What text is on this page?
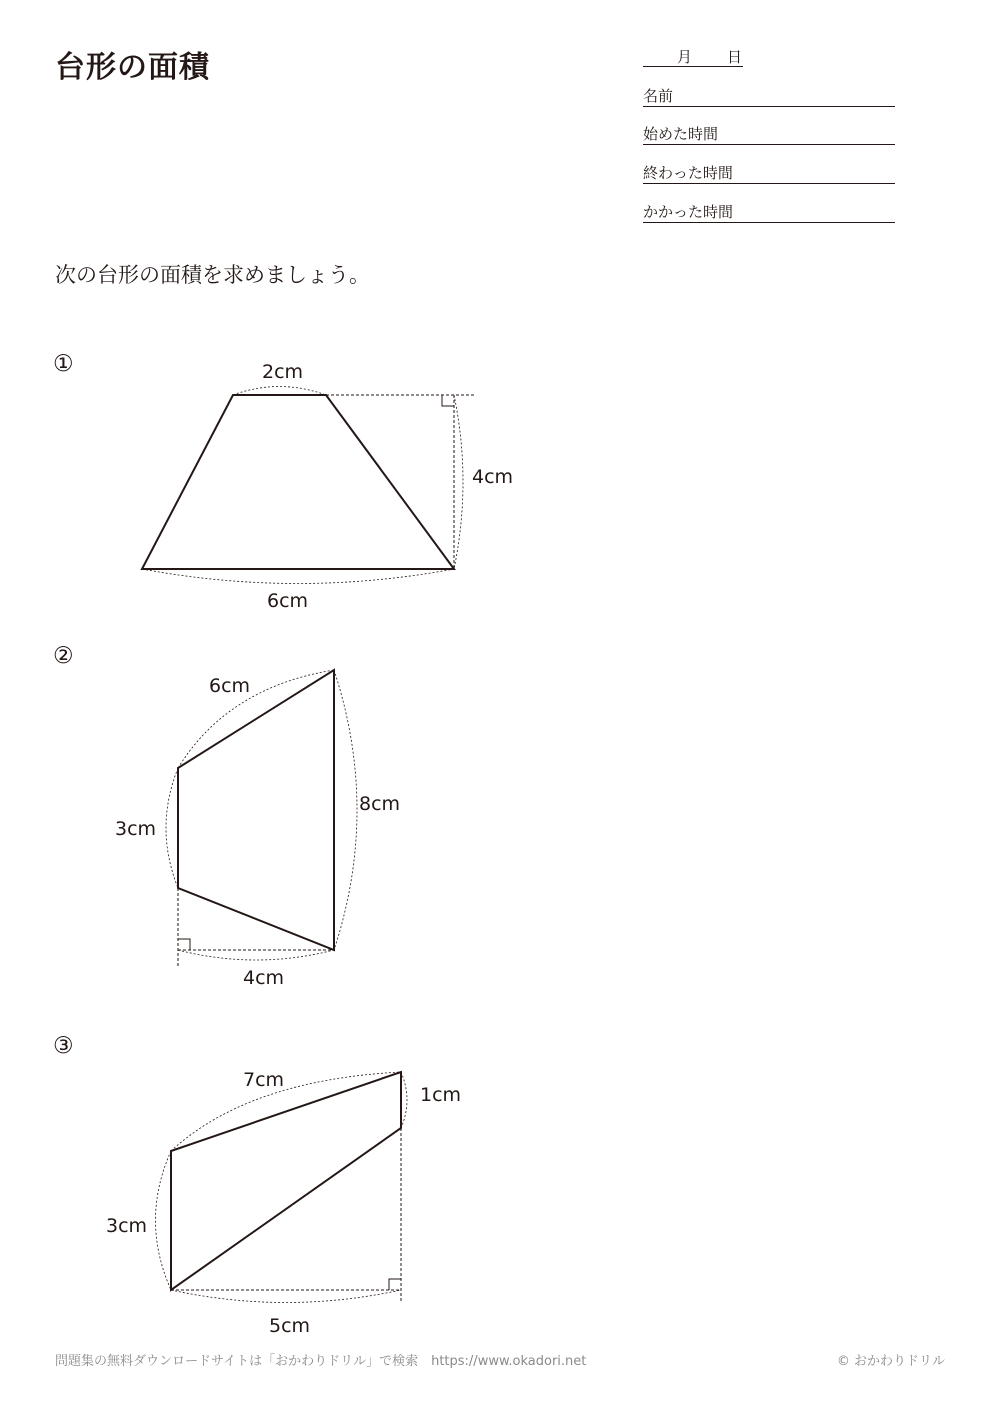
台形の面積	月 日
名前
始めた時間
終わった時間
かかった時間
次の台形の面積を求めましょう。
①
②
③
2cm
4cm
6cm
6cm
8cm
3cm
4cm
7cm
1cm
3cm
5cm
問題集の無料ダウンロードサイトは「おかわりドリル」で検索　https://www.okadori.net	© おかわりドリル
